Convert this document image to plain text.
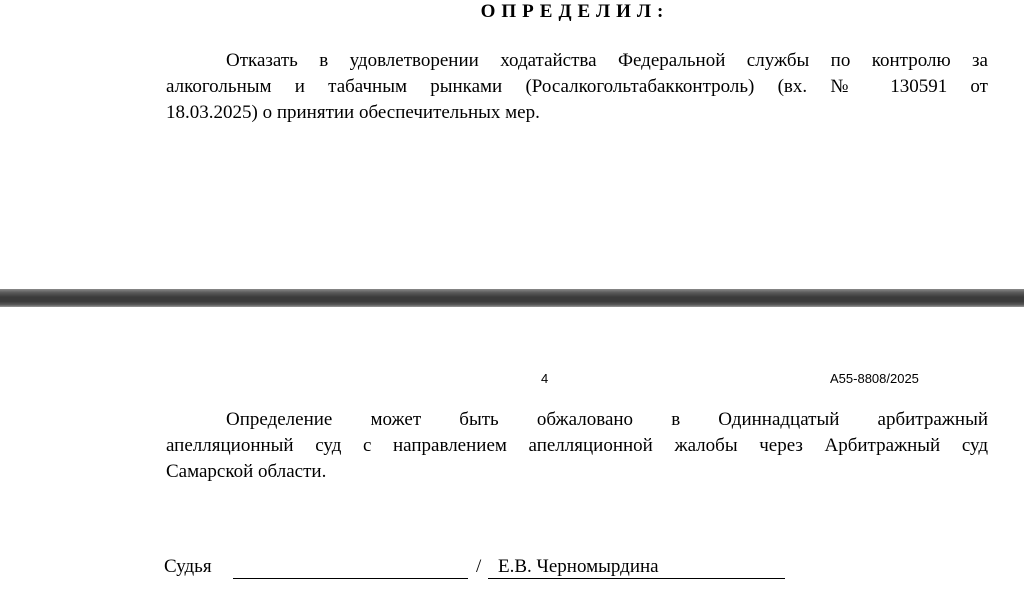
ОПРЕДЕЛИЛ:
Отказать в удовлетворении ходатайства Федеральной службы по контролю за
алкогольным и табачным рынками (Росалкогольтабакконтроль) (вх. № 130591 от
18.03.2025) о принятии обеспечительных мер.
4	А55-8808/2025
Определение может быть обжаловано в Одиннадцатый арбитражный
апелляционный суд с направлением апелляционной жалобы через Арбитражный суд
Самарской области.
Судья	/ Е.В. Черномырдина
